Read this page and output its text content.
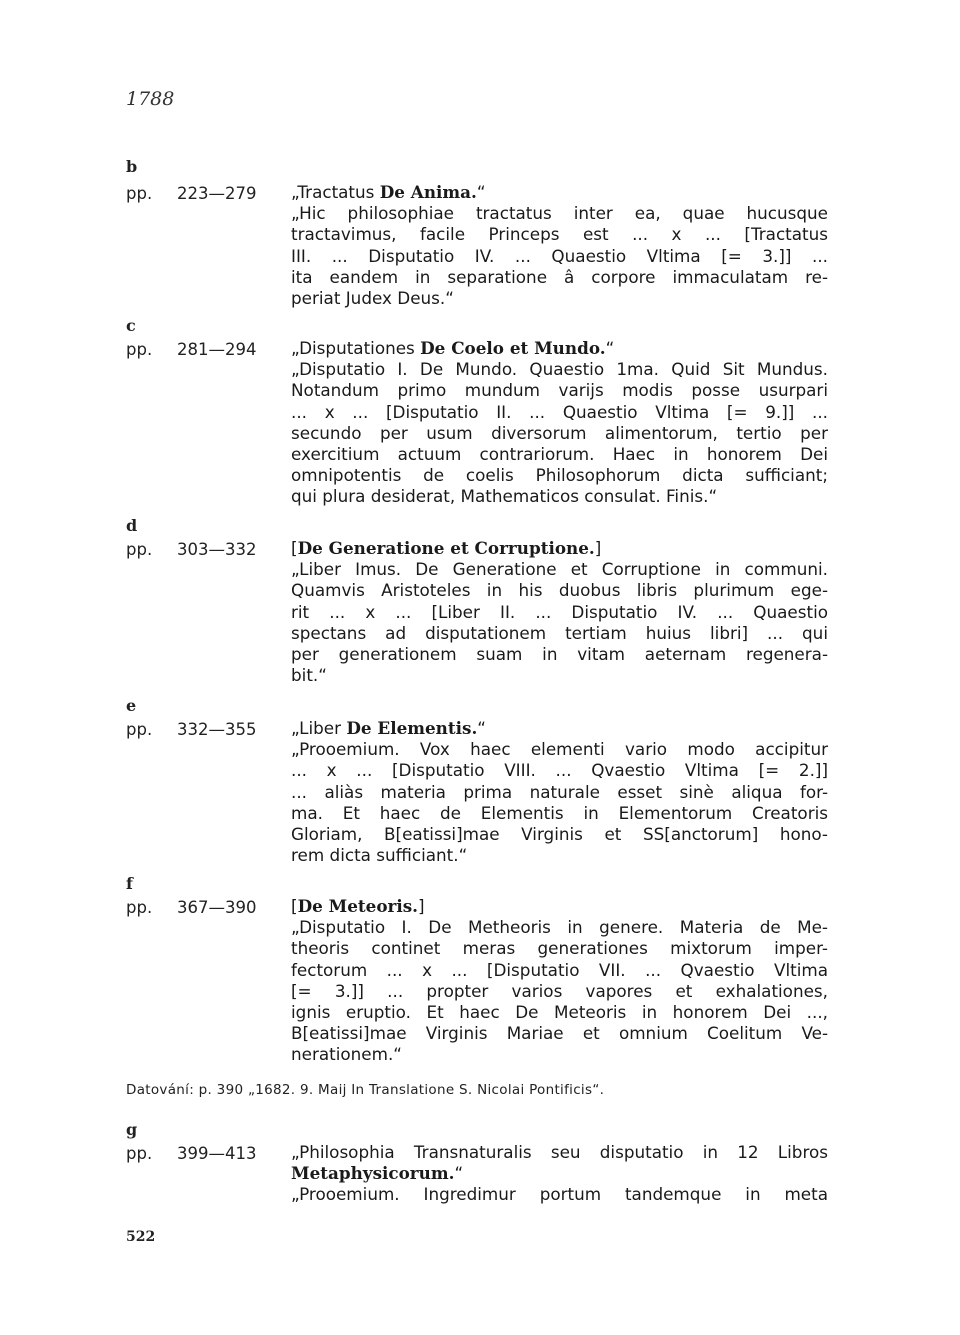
1788
b
pp. 223—279 „Tractatus De Anima.“
„Hic philosophiae tractatus inter ea, quae hucusque
tractavimus, facile Princeps est ... x ... [Tractatus
III. ... Disputatio IV. ... Quaestio Vltima [= 3.]] ...
ita eandem in separatione â corpore immaculatam re-
periat Judex Deus.“
c
pp. 281—294 „Disputationes De Coelo et Mundo.“
„Disputatio I. De Mundo. Quaestio 1ma. Quid Sit Mundus.
Notandum primo mundum varijs modis posse usurpari
... x ... [Disputatio II. ... Quaestio Vltima [= 9.]] ...
secundo per usum diversorum alimentorum, tertio per
exercitium actuum contrariorum. Haec in honorem Dei
omnipotentis de coelis Philosophorum dicta sufficiant;
qui plura desiderat, Mathematicos consulat. Finis.“
d
pp. 303—332 [De Generatione et Corruptione.]
„Liber Imus. De Generatione et Corruptione in communi.
Quamvis Aristoteles in his duobus libris plurimum ege-
rit ... x ... [Liber II. ... Disputatio IV. ... Quaestio
spectans ad disputationem tertiam huius libri] ... qui
per generationem suam in vitam aeternam regenera-
bit.“
e
pp. 332—355 „Liber De Elementis.“
„Prooemium. Vox haec elementi vario modo accipitur
... x ... [Disputatio VIII. ... Qvaestio Vltima [= 2.]]
... aliàs materia prima naturale esset sinè aliqua for-
ma. Et haec de Elementis in Elementorum Creatoris
Gloriam, B[eatissi]mae Virginis et SS[anctorum] hono-
rem dicta sufficiant.“
f
pp. 367—390 [De Meteoris.]
„Disputatio I. De Metheoris in genere. Materia de Me-
theoris continet meras generationes mixtorum imper-
fectorum ... x ... [Disputatio VII. ... Qvaestio Vltima
[= 3.]] ... propter varios vapores et exhalationes,
ignis eruptio. Et haec De Meteoris in honorem Dei ...,
B[eatissi]mae Virginis Mariae et omnium Coelitum Ve-
nerationem.“
Datování: p. 390 „1682. 9. Maij In Translatione S. Nicolai Pontificis“.
g
pp. 399—413 „Philosophia Transnaturalis seu disputatio in 12 Libros
Metaphysicorum.“
„Prooemium. Ingredimur portum tandemque in meta
522
